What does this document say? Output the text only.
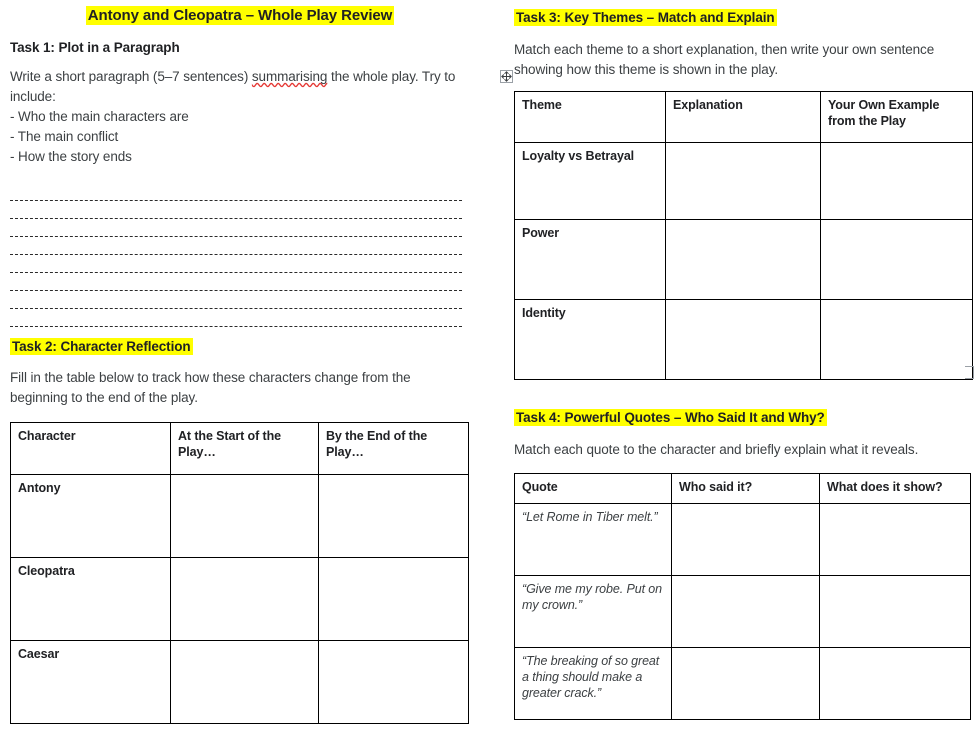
Antony and Cleopatra – Whole Play Review
Task 1: Plot in a Paragraph

Write a short paragraph (5–7 sentences) summarising the whole play. Try to include:

- Who the main characters are

- The main conflict

- How the story ends

Task 2: Character Reflection

Fill in the table below to track how these characters change from the beginning to the end of the play.

Character	At the Start of the Play…	By the End of the Play…
Antony		
Cleopatra		
Caesar		
Task 3: Key Themes – Match and Explain

Match each theme to a short explanation, then write your own sentence showing how this theme is shown in the play.

Theme	Explanation	Your Own Example from the Play
Loyalty vs Betrayal		
Power		
Identity		
Task 4: Powerful Quotes – Who Said It and Why?

Match each quote to the character and briefly explain what it reveals.

Quote	Who said it?	What does it show?
“Let Rome in Tiber melt.”		
“Give me my robe. Put on my crown.”		
“The breaking of so great a thing should make a greater crack.”		
